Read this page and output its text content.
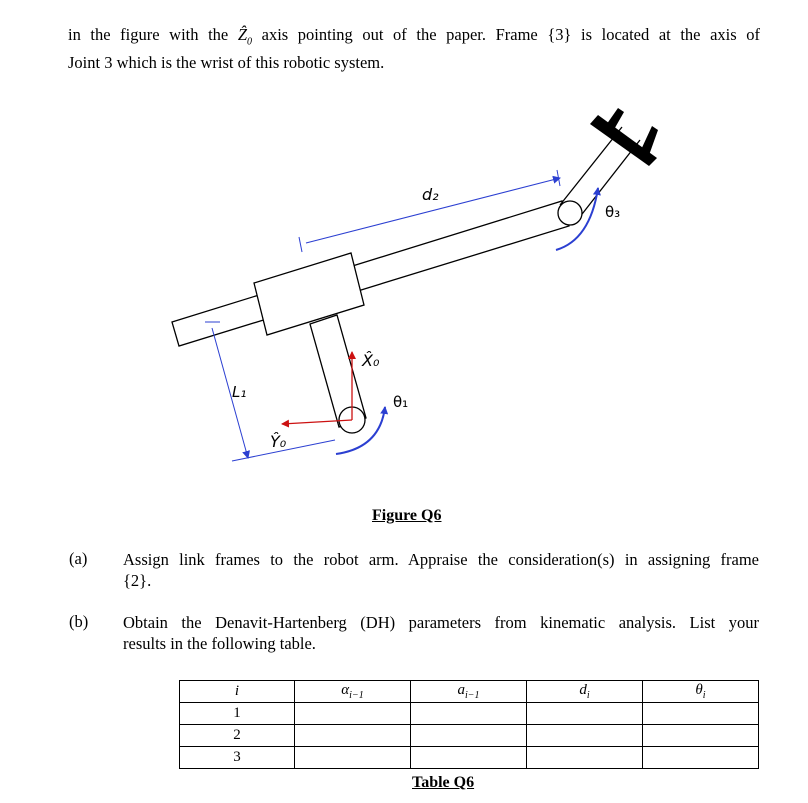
in the figure with the Ẑ$_0$ axis pointing out of the paper. Frame {3} is located at the axis of
Joint 3 which is the wrist of this robotic system.
d₂
θ₃
L₁
X̂₀
Ŷ₀
θ₁
Figure Q6
(a) Assign link frames to the robot arm. Appraise the consideration(s) in assigning frame
{2}.
(b) Obtain the Denavit-Hartenberg (DH) parameters from kinematic analysis. List your
results in the following table.
i	$\alpha_{i-1}$	$a_{i-1}$	$d_i$	$\theta_i$
1				
2				
3				
Table Q6
